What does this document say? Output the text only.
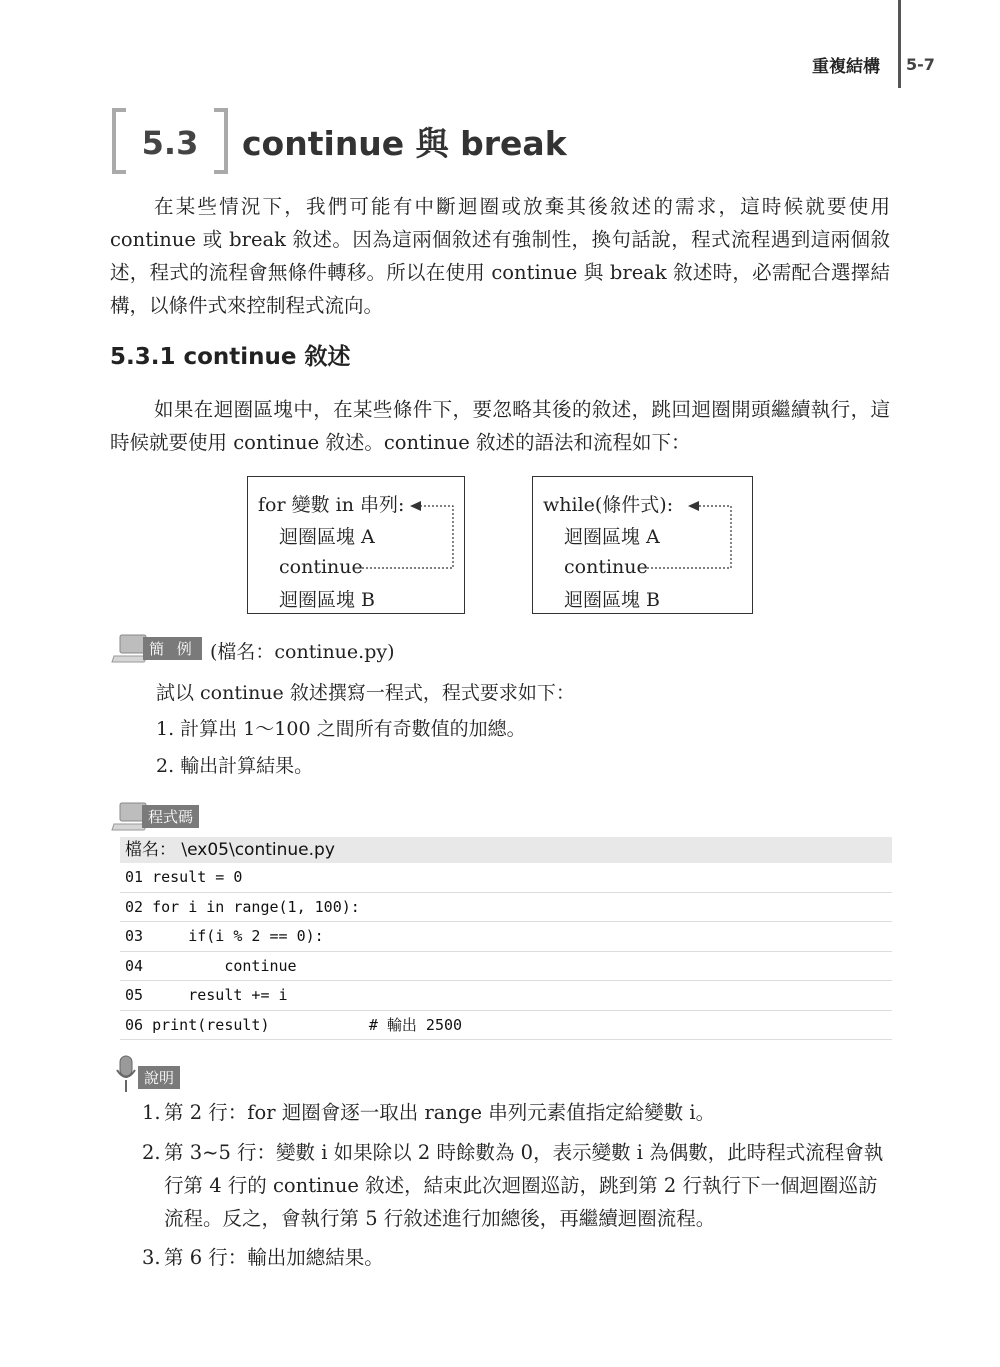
重複結構 5-7
5.3	continue 與 break

在某些情況下，我們可能有中斷迴圈或放棄其後敘述的需求，這時候就要使用 continue 或 break 敘述。因為這兩個敘述有強制性，換句話說，程式流程遇到這兩個敘述，程式的流程會無條件轉移。所以在使用 continue 與 break 敘述時，必需配合選擇結構，以條件式來控制程式流向。

5.3.1 continue 敘述

如果在迴圈區塊中，在某些條件下，要忽略其後的敘述，跳回迴圈開頭繼續執行，這時候就要使用 continue 敘述。continue 敘述的語法和流程如下：

for 變數 in 串列:
迴圈區塊 A
continue
迴圈區塊 B
while(條件式):
迴圈區塊 A
continue
迴圈區塊 B
簡 例 (檔名：continue.py)
試以 continue 敘述撰寫一程式，程式要求如下：
1. 計算出 1～100 之間所有奇數值的加總。
2. 輸出計算結果。
程式碼
檔名： \ex05\continue.py
01 result = 0
02 for i in range(1, 100):
03     if(i % 2 == 0):
04         continue
05     result += i
06 print(result)           # 輸出 2500
說明
1. 第 2 行：for 迴圈會逐一取出 range 串列元素值指定給變數 i。
2. 第 3~5 行：變數 i 如果除以 2 時餘數為 0，表示變數 i 為偶數，此時程式流程會執行第 4 行的 continue 敘述，結束此次迴圈巡訪，跳到第 2 行執行下一個迴圈巡訪流程。反之，會執行第 5 行敘述進行加總後，再繼續迴圈流程。
3. 第 6 行：輸出加總結果。
